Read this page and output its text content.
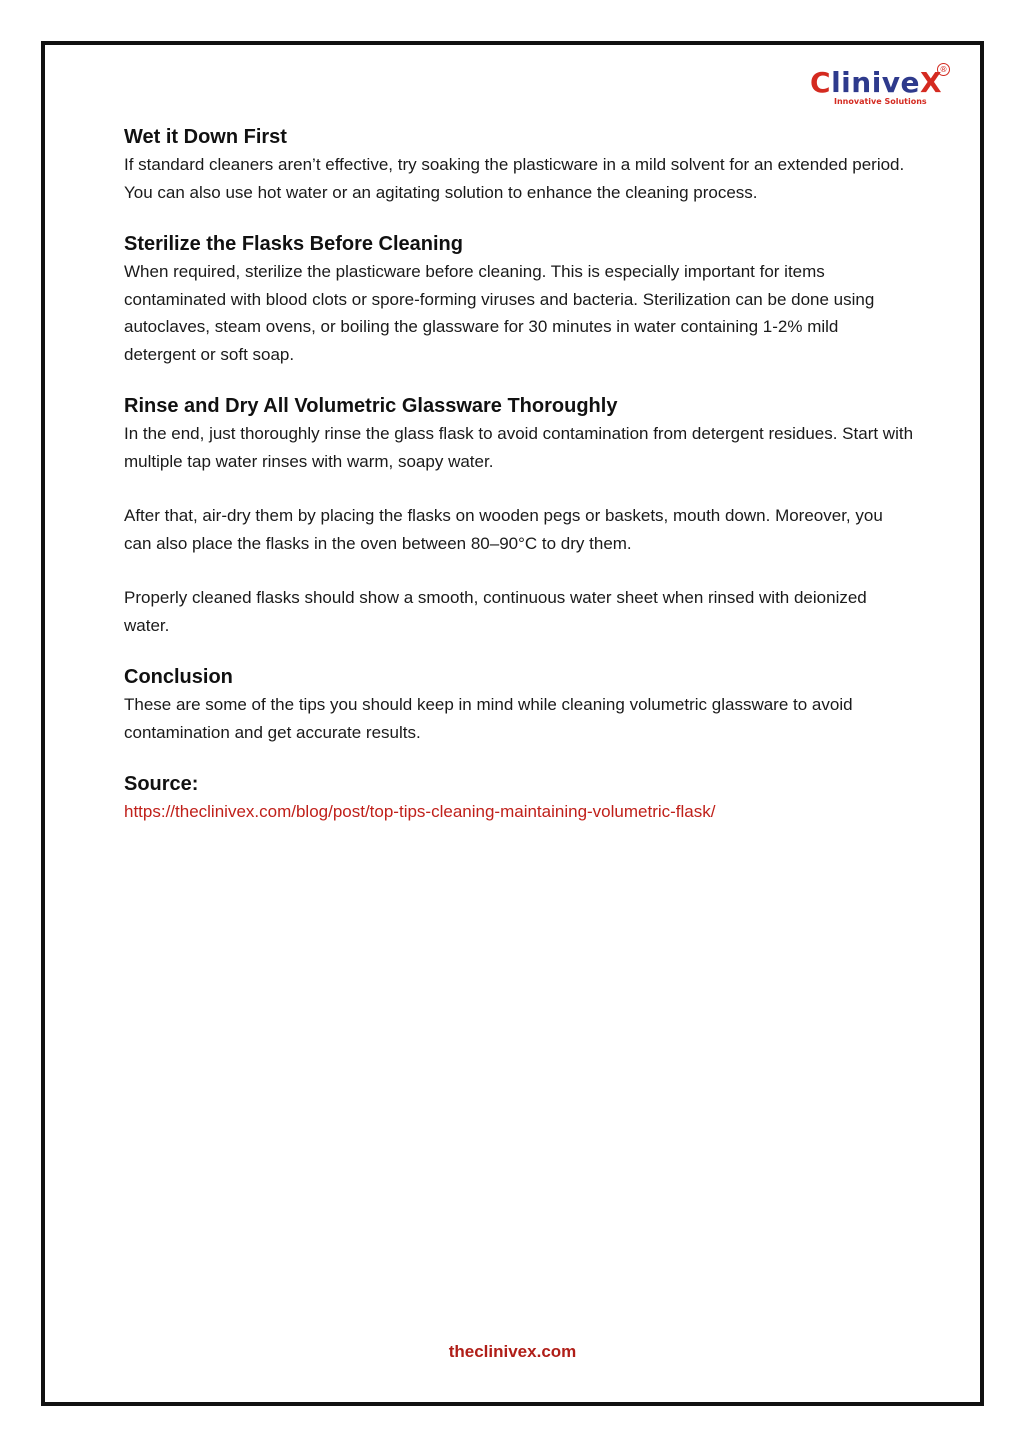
CliniveX
®
Innovative Solutions
Wet it Down First

If standard cleaners aren’t effective, try soaking the plasticware in a mild solvent for an extended period. You can also use hot water or an agitating solution to enhance the cleaning process.

Sterilize the Flasks Before Cleaning

When required, sterilize the plasticware before cleaning. This is especially important for items contaminated with blood clots or spore-forming viruses and bacteria. Sterilization can be done using autoclaves, steam ovens, or boiling the glassware for 30 minutes in water containing 1-2% mild detergent or soft soap.

Rinse and Dry All Volumetric Glassware Thoroughly

In the end, just thoroughly rinse the glass flask to avoid contamination from detergent residues. Start with multiple tap water rinses with warm, soapy water.

After that, air-dry them by placing the flasks on wooden pegs or baskets, mouth down. Moreover, you can also place the flasks in the oven between 80–90°C to dry them.

Properly cleaned flasks should show a smooth, continuous water sheet when rinsed with deionized water.

Conclusion

These are some of the tips you should keep in mind while cleaning volumetric glassware to avoid contamination and get accurate results.

Source:
https://theclinivex.com/blog/post/top-tips-cleaning-maintaining-volumetric-flask/
theclinivex.com
